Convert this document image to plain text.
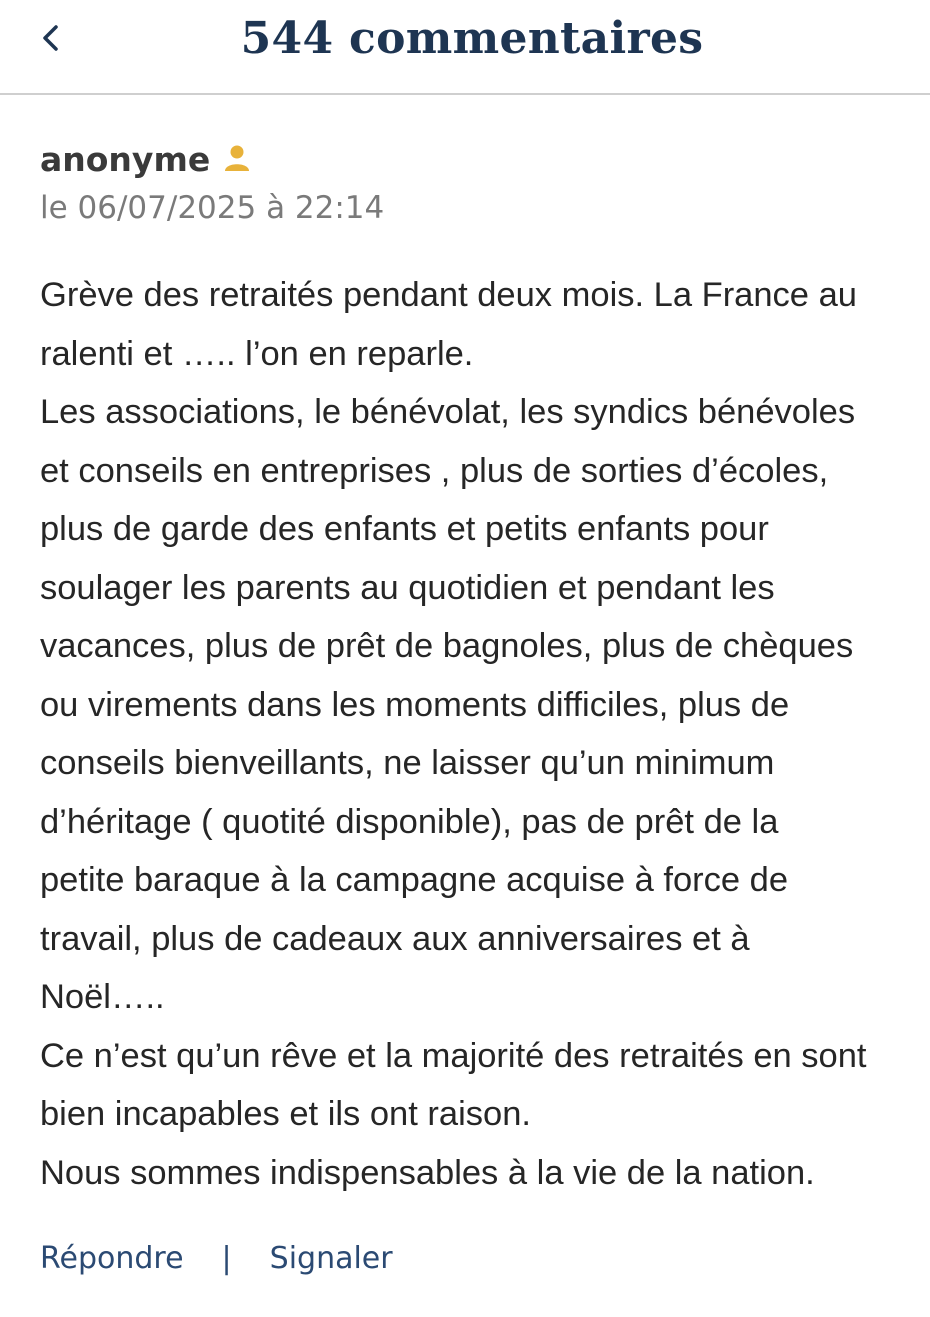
544 commentaires
anonyme
le 06/07/2025 à 22:14
Grève des retraités pendant deux mois. La France au
ralenti et ….. l’on en reparle.
Les associations, le bénévolat, les syndics bénévoles
et conseils en entreprises , plus de sorties d’écoles,
plus de garde des enfants et petits enfants pour
soulager les parents au quotidien et pendant les
vacances, plus de prêt de bagnoles, plus de chèques
ou virements dans les moments difficiles, plus de
conseils bienveillants, ne laisser qu’un minimum
d’héritage ( quotité disponible), pas de prêt de la
petite baraque à la campagne acquise à force de
travail, plus de cadeaux aux anniversaires et à
Noël…..
Ce n’est qu’un rêve et la majorité des retraités en sont
bien incapables et ils ont raison.
Nous sommes indispensables à la vie de la nation.
Répondre | Signaler
